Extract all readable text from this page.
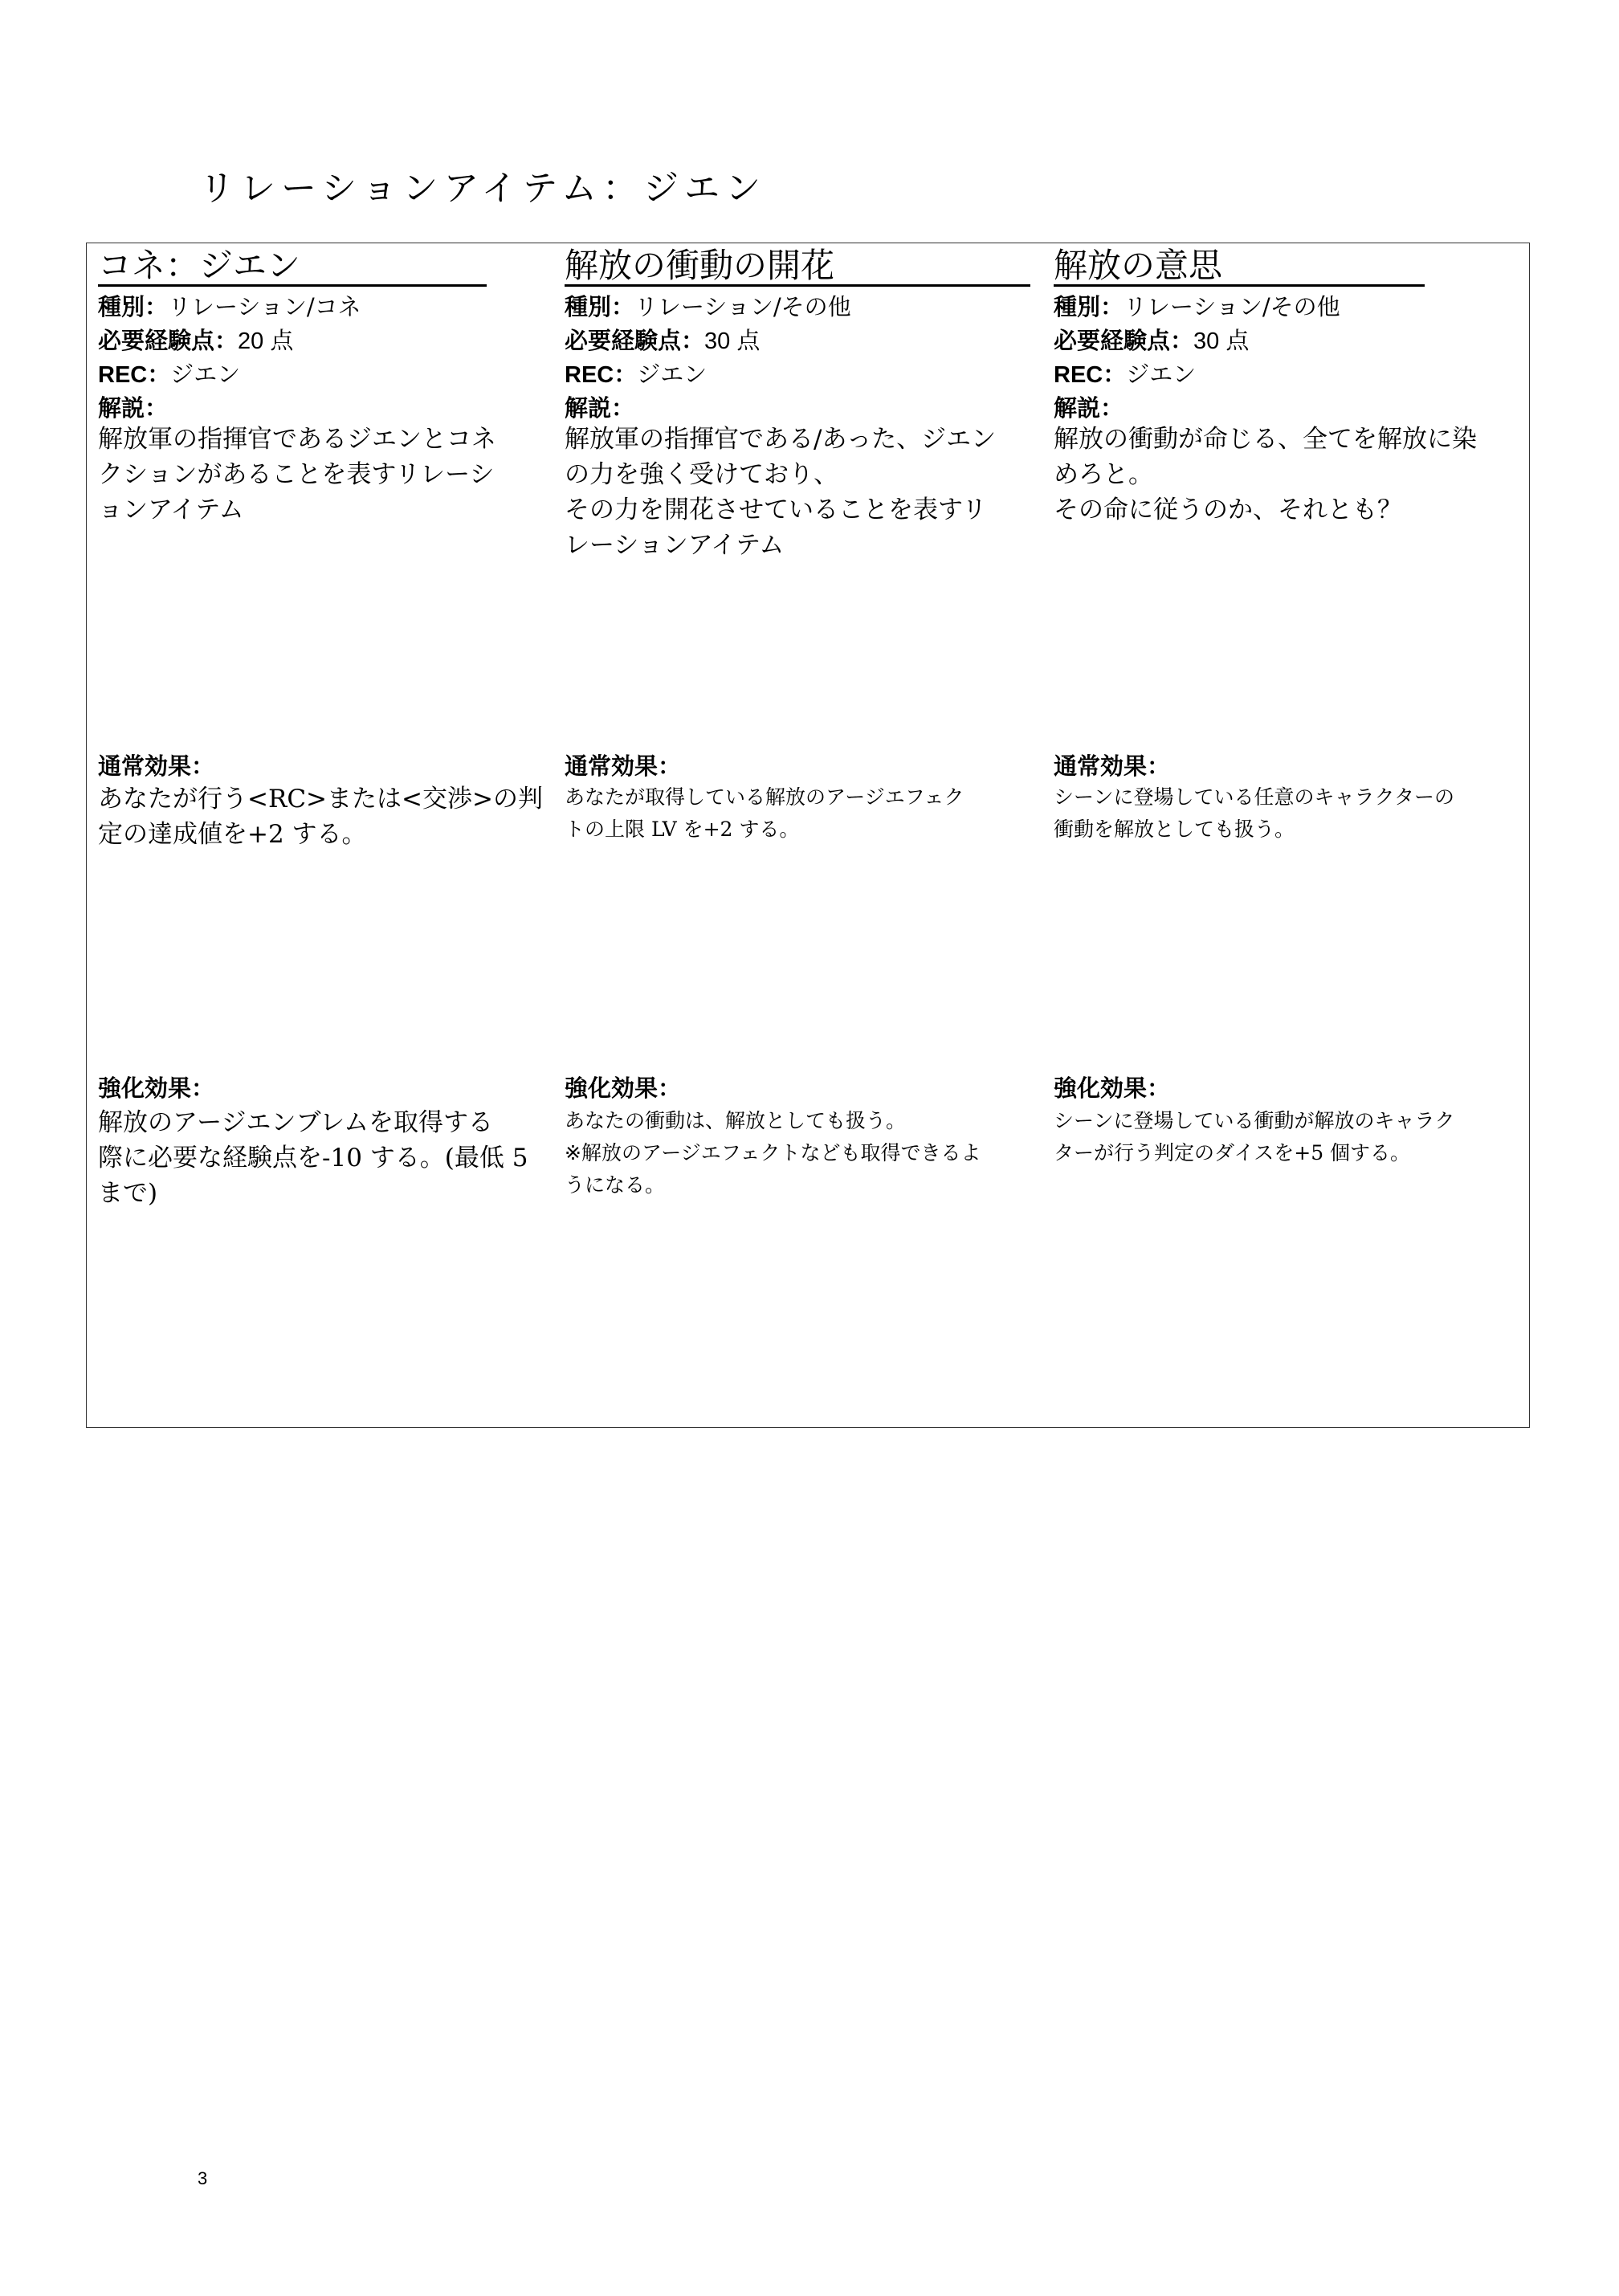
リレーションアイテム：ジエン
コネ：ジエン
種別：リレーション/コネ
必要経験点：20 点
REC：ジエン
解説：

解放軍の指揮官であるジエンとコネ
クションがあることを表すリレーシ
ョンアイテム

通常効果：

あなたが行う<RC>または<交渉>の判
定の達成値を+2 する。

強化効果：

解放のアージエンブレムを取得する
際に必要な経験点を-10 する。(最低 5
まで)

解放の衝動の開花
種別：リレーション/その他
必要経験点：30 点
REC：ジエン
解説：

解放軍の指揮官である/あった、ジエン
の力を強く受けており、
その力を開花させていることを表すリ
レーションアイテム

通常効果：

あなたが取得している解放のアージエフェク
トの上限 LV を+2 する。

強化効果：

あなたの衝動は、解放としても扱う。
※解放のアージエフェクトなども取得できるよ
うになる。

解放の意思
種別：リレーション/その他
必要経験点：30 点
REC：ジエン
解説：

解放の衝動が命じる、全てを解放に染
めろと。
その命に従うのか、それとも？

通常効果：

シーンに登場している任意のキャラクターの
衝動を解放としても扱う。

強化効果：

シーンに登場している衝動が解放のキャラク
ターが行う判定のダイスを+5 個する。

3
